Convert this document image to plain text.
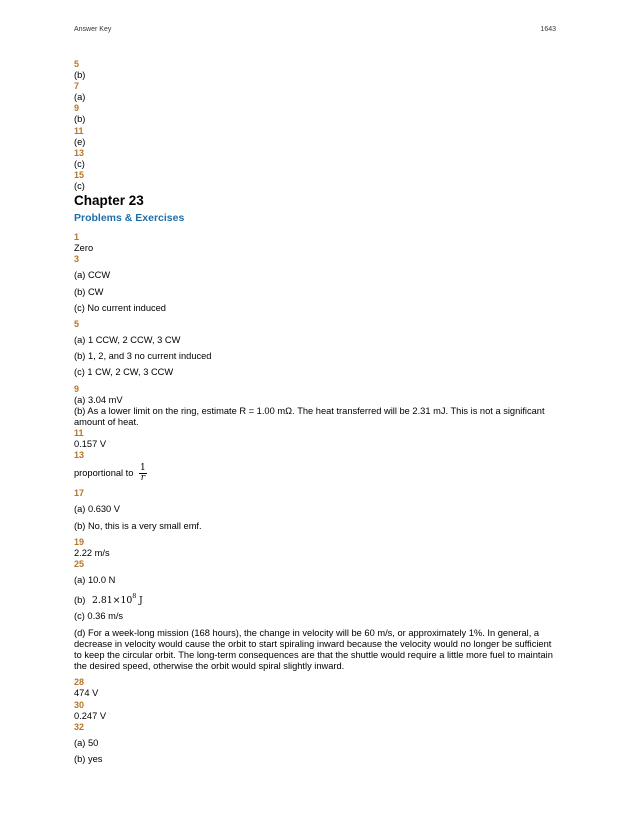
Answer Key	1643
5
(b)
7
(a)
9
(b)
11
(e)
13
(c)
15
(c)
Chapter 23
Problems & Exercises
1
Zero
3
(a) CCW
(b) CW
(c) No current induced
5
(a) 1 CCW, 2 CCW, 3 CW
(b) 1, 2, and 3 no current induced
(c) 1 CW, 2 CW, 3 CCW
9
(a) 3.04 mV
(b) As a lower limit on the ring, estimate R = 1.00 mΩ. The heat transferred will be 2.31 mJ. This is not a significant amount of heat.
11
0.157 V
13
proportional to $\frac{1}{r}$
17
(a) 0.630 V
(b) No, this is a very small emf.
19
2.22 m/s
25
(a) 10.0 N
(b) $2.81\times 10^8$ J
(c) 0.36 m/s
(d) For a week-long mission (168 hours), the change in velocity will be 60 m/s, or approximately 1%. In general, a decrease in velocity would cause the orbit to start spiraling inward because the velocity would no longer be sufficient to keep the circular orbit. The long-term consequences are that the shuttle would require a little more fuel to maintain the desired speed, otherwise the orbit would spiral slightly inward.
28
474 V
30
0.247 V
32
(a) 50
(b) yes
